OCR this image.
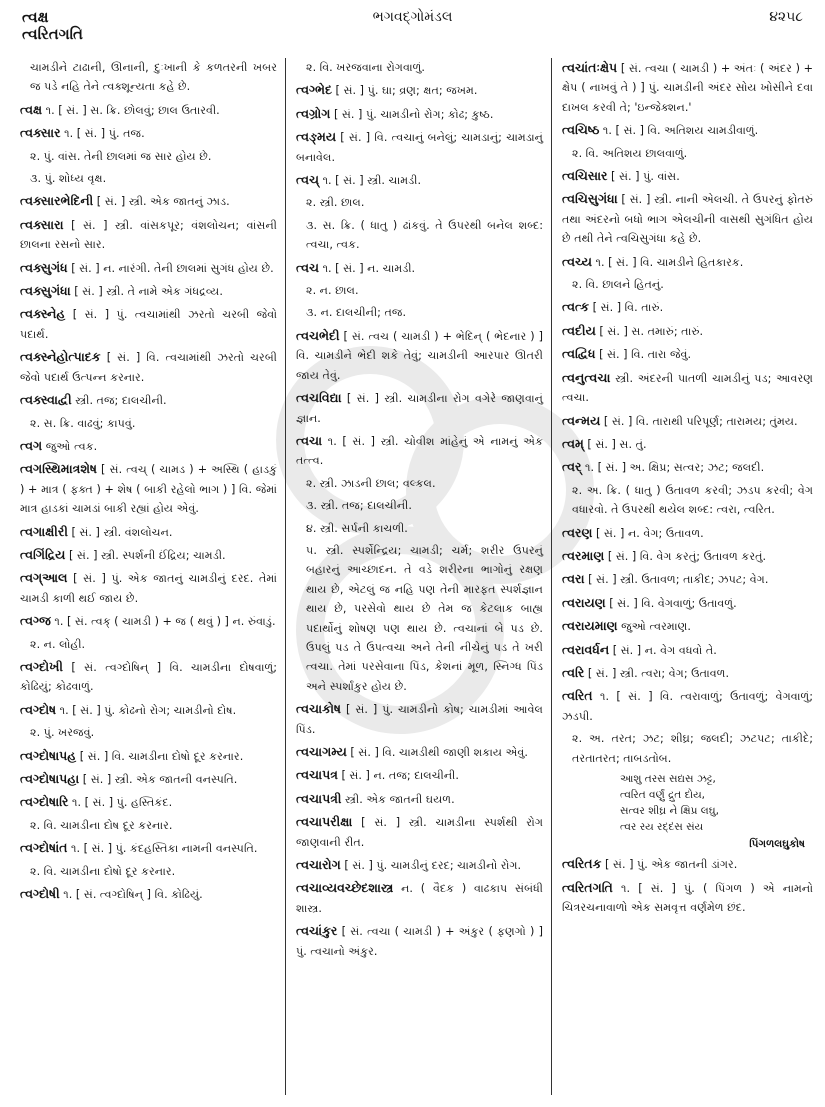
ત્વક્ષ
ત્વરિતગતિ
ભગવદ્ગોમંડલ	૪૨૫૮
ચામડીને ટાઢાની, ઊનાની, દુઃખાની કે કળતરની ખબર જ પડે નહિ તેને ત્વક્શૂન્યતા કહે છે.
ત્વક્ષ ૧. [ સં. ] સ. ક્રિ. છોલવું; છાલ ઉતારવી.
ત્વક્સાર ૧. [ સં. ] પું. તજ.
૨. પું. વાંસ. તેની છાલમાં જ સાર હોય છે.
૩. પું. શોધ્ય વૃક્ષ.
ત્વક્સારભેદિની [ સં. ] સ્ત્રી. એક જાતનું ઝાડ.
ત્વક્સારા [ સં. ] સ્ત્રી. વાંસકપૂર; વંશલોચન; વાંસની છાલના રસનો સાર.
ત્વક્સુગંધ [ સં. ] ન. નારંગી. તેની છાલમાં સુગંધ હોય છે.
ત્વક્સુગંધા [ સં. ] સ્ત્રી. તે નામે એક ગંધદ્રવ્ય.
ત્વક્સ્નેહ [ સં. ] પું. ત્વચામાંથી ઝરતો ચરબી જેવો પદાર્થ.
ત્વક્સ્નેહોત્પાદક [ સં. ] વિ. ત્વચામાંથી ઝરતો ચરબી જેવો પદાર્થ ઉત્પન્ન કરનાર.
ત્વક્સ્વાદ્વી સ્ત્રી. તજ; દાલચીની.
૨. સ. ક્રિ. વાઢવું; કાપવું.
ત્વગ જુઓ ત્વક.
ત્વગસ્થિમાત્રશેષ [ સં. ત્વચ્ ( ચામડ ) + અસ્થિ ( હાડકું ) + માત્ર ( ફક્ત ) + શેષ ( બાકી રહેલો ભાગ ) ] વિ. જેમાં માત્ર હાડકાં ચામડાં બાકી રહ્યાં હોય એવું.
ત્વગાક્ષીરી [ સં. ] સ્ત્રી. વંશલોચન.
ત્વગિંદ્રિય [ સં. ] સ્ત્રી. સ્પર્શની ઈંદ્રિય; ચામડી.
ત્વગ્આલ [ સં. ] પું. એક જાતનું ચામડીનું દરદ. તેમાં ચામડી કાળી થઈ જાય છે.
ત્વગ્જ ૧. [ સં. ત્વક્ ( ચામડી ) + જ ( થવું ) ] ન. રુંવાડું.
૨. ન. લોહી.
ત્વગ્દોખી [ સં. ત્વગ્દોષિન્ ] વિ. ચામડીના દોષવાળું; કોઢિયું; કોઢવાળું.
ત્વગ્દોષ ૧. [ સં. ] પું. કોઢનો રોગ; ચામડીનો દોષ.
૨. પું. ખરજવું.
ત્વગ્દોષાપહ [ સં. ] વિ. ચામડીના દોષો દૂર કરનાર.
ત્વગ્દોષાપહા [ સં. ] સ્ત્રી. એક જાતની વનસ્પતિ.
ત્વગ્દોષારિ ૧. [ સં. ] પું. હસ્તિકંદ.
૨. વિ. ચામડીના દોષ દૂર કરનાર.
ત્વગ્દોષાંત ૧. [ સં. ] પું. કંદહસ્તિકા નામની વનસ્પતિ.
૨. વિ. ચામડીના દોષો દૂર કરનાર.
ત્વગ્દોષી ૧. [ સં. ત્વગ્દોષિન્ ] વિ. કોઢિયું.
૨. વિ. ખરજવાના રોગવાળું.
ત્વગ્ભેદ [ સં. ] પું. ઘા; વ્રણ; ક્ષત; જખમ.
ત્વગ્રોગ [ સં. ] પું. ચામડીનો રોગ; કોઢ; કુષ્ઠ.
ત્વઙ્મય [ સં. ] વિ. ત્વચાનું બનેલું; ચામડાનું; ચામડાનું બનાવેલ.
ત્વચ્ ૧. [ સં. ] સ્ત્રી. ચામડી.
૨. સ્ત્રી. છાલ.
૩. સ. ક્રિ. ( ધાતુ ) ઢાંકવું. તે ઉપરથી બનેલ શબ્દ: ત્વચા, ત્વક.
ત્વચ ૧. [ સં. ] ન. ચામડી.
૨. ન. છાલ.
૩. ન. દાલચીની; તજ.
ત્વચભેદી [ સં. ત્વચ ( ચામડી ) + ભેદિન્ ( ભેદનાર ) ] વિ. ચામડીને ભેદી શકે તેવું; ચામડીની આરપાર ઊતરી જાય તેવું.
ત્વચવિદ્યા [ સં. ] સ્ત્રી. ચામડીના રોગ વગેરે જાણવાનું જ્ઞાન.
ત્વચા ૧. [ સં. ] સ્ત્રી. ચોવીશ માંહેનું એ નામનું એક તત્ત્વ.
૨. સ્ત્રી. ઝાડની છાલ; વલ્કલ.
૩. સ્ત્રી. તજ; દાલચીની.
૪. સ્ત્રી. સર્પની કાચળી.
૫. સ્ત્રી. સ્પર્શેન્દ્રિય; ચામડી; ચર્મ; શરીર ઉપરનું બહારનું આચ્છાદન. તે વડે શરીરના ભાગોનું રક્ષણ થાય છે, એટલું જ નહિ પણ તેની મારફત સ્પર્શજ્ઞાન થાય છે, પરસેવો થાય છે તેમ જ કેટલાક બાહ્ય પદાર્થોનું શોષણ પણ થાય છે. ત્વચાનાં બે પડ છે. ઉપલું પડ તે ઉપત્વચા અને તેની નીચેનું પડ તે ખરી ત્વચા. તેમાં પરસેવાના પિંડ, કેશનાં મૂળ, સ્નિગ્ધ પિંડ અને સ્પર્શાંકુર હોય છે.
ત્વચાકોષ [ સં. ] પું. ચામડીનો કોષ; ચામડીમાં આવેલ પિંડ.
ત્વચાગમ્ય [ સં. ] વિ. ચામડીથી જાણી શકાય એવું.
ત્વચાપત્ર [ સં. ] ન. તજ; દાલચીની.
ત્વચાપત્રી સ્ત્રી. એક જાતની ઘયળ.
ત્વચાપરીક્ષા [ સં. ] સ્ત્રી. ચામડીના સ્પર્શથી રોગ જાણવાની રીત.
ત્વચારોગ [ સં. ] પું. ચામડીનું દરદ; ચામડીનો રોગ.
ત્વચાવ્યવચ્છેદશાસ્ત્ર ન. ( વૈદક ) વાઢકાપ સંબંધી શાસ્ત્ર.
ત્વચાંકુર [ સં. ત્વચા ( ચામડી ) + અંકુર ( ફણગો ) ] પું. ત્વચાનો અંકુર.
ત્વચાંતઃક્ષેપ [ સં. ત્વચા ( ચામડી ) + અંતઃ ( અંદર ) + ક્ષેપ ( નાખવું તે ) ] પું. ચામડીની અંદર સોય ખોસીને દવા દાખલ કરવી તે; 'ઇન્જેક્શન.'
ત્વચિષ્ઠ ૧. [ સં. ] વિ. અતિશય ચામડીવાળું.
૨. વિ. અતિશય છાલવાળું.
ત્વચિસાર [ સં. ] પું. વાંસ.
ત્વચિસુગંધા [ સં. ] સ્ત્રી. નાની એલચી. તે ઉપરનું ફોતરું તથા અંદરનો બધો ભાગ એલચીની વાસથી સુગંધિત હોય છે તથી તેને ત્વચિસુગંધા કહે છે.
ત્વચ્ય ૧. [ સં. ] વિ. ચામડીને હિતકારક.
૨. વિ. છાલને હિતનું.
ત્વત્ક [ સં. ] વિ. તારું.
ત્વદીય [ સં. ] સ. તમારું; તારું.
ત્વદ્વિધ [ સં. ] વિ. તારા જેવું.
ત્વનુત્વચા સ્ત્રી. અંદરની પાતળી ચામડીનું પડ; આવરણ ત્વચા.
ત્વન્મય [ સં. ] વિ. તારાથી પરિપૂર્ણ; તારામય; તુંમય.
ત્વમ્ [ સં. ] સ. તું.
ત્વર્ ૧. [ સં. ] અ. ક્ષિપ્ર; સત્વર; ઝટ; જલદી.
૨. અ. ક્રિ. ( ધાતુ ) ઉતાવળ કરવી; ઝડપ કરવી; વેગ વધારવો. તે ઉપરથી થયેલ શબ્દ: ત્વરા, ત્વરિત.
ત્વરણ [ સં. ] ન. વેગ; ઉતાવળ.
ત્વરમાણ [ સં. ] વિ. વેગ કરતું; ઉતાવળ કરતું.
ત્વરા [ સં. ] સ્ત્રી. ઉતાવળ; તાકીદ; ઝપટ; વેગ.
ત્વરાયણ [ સં. ] વિ. વેગવાળું; ઉતાવળું.
ત્વરાયમાણ જુઓ ત્વરમાણ.
ત્વરાવર્ધન [ સં. ] ન. વેગ વધવો તે.
ત્વરિ [ સં. ] સ્ત્રી. ત્વરા; વેગ; ઉતાવળ.
ત્વરિત ૧. [ સં. ] વિ. ત્વરાવાળું; ઉતાવળું; વેગવાળું; ઝડપી.
૨. અ. તરત; ઝટ; શીઘ્ર; જલદી; ઝટપટ; તાકીદે; તરતાતરત; તાબડતોબ.
આશુ તરસ સદ્યસ ઝટ્ટ,
ત્વરિત વર્ણું દ્રુત દોય,
સત્વર શીઘ્ર ને ક્ષિપ્ર લઘુ,
ત્વર રય રદ્દંસ સંય
પિંગળલઘુકોષ
ત્વરિતક [ સં. ] પું. એક જાતની ડાંગર.
ત્વરિતગતિ ૧. [ સં. ] પું. ( પિંગળ ) એ નામનો ચિત્રરચનાવાળો એક સમવૃત્ત વર્ણમેળ છંદ.
